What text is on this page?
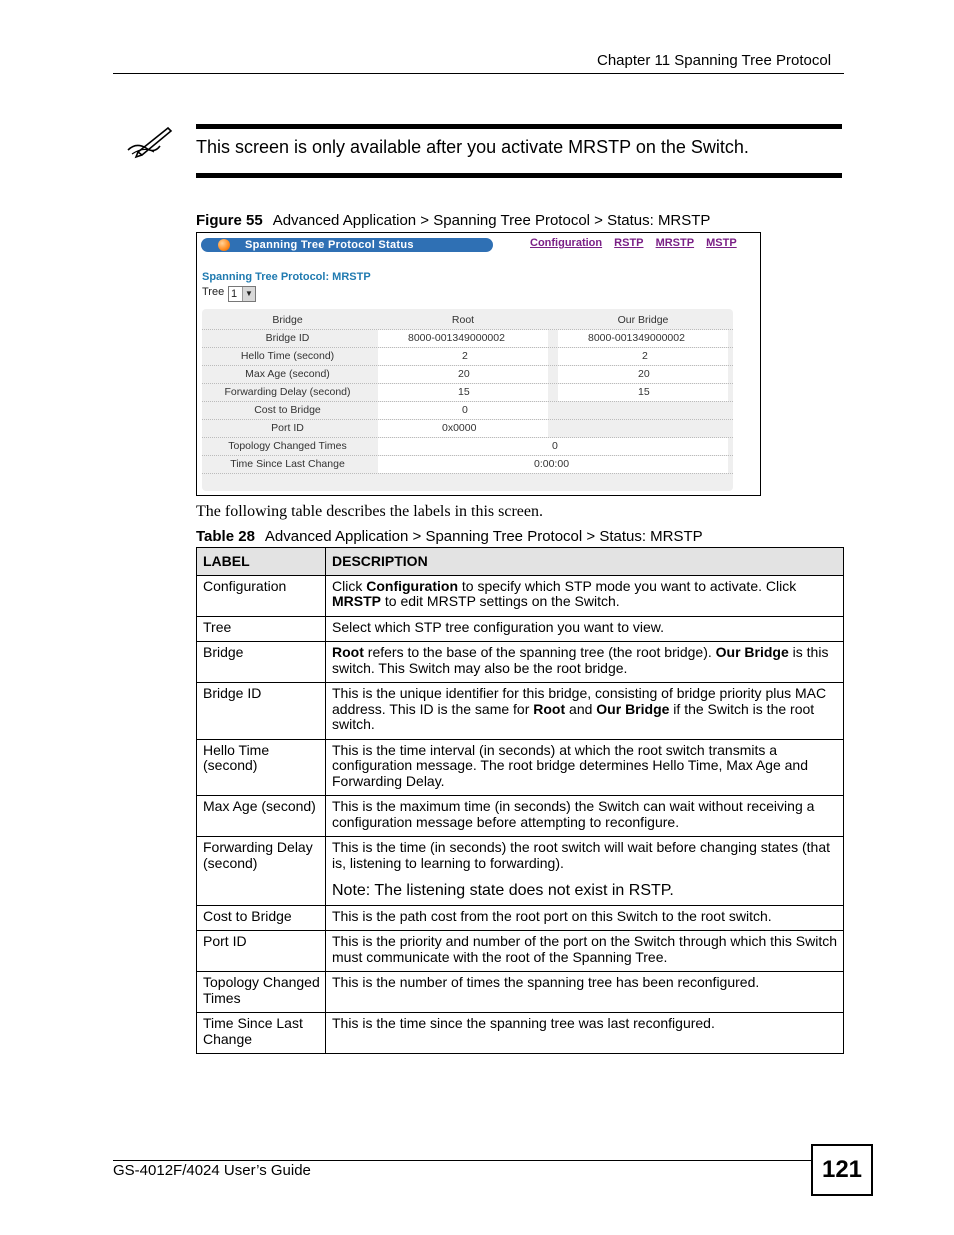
Chapter 11 Spanning Tree Protocol
This screen is only available after you activate MRSTP on the Switch.
Figure 55 Advanced Application > Spanning Tree Protocol > Status: MRSTP
Spanning Tree Protocol Status	Configuration RSTP MRSTP MSTP
Spanning Tree Protocol: MRSTP
Tree 1 ▼
Bridge	Root	Our Bridge
Bridge ID	8000-001349000002	8000-001349000002
Hello Time (second)	2	2
Max Age (second)	20	20
Forwarding Delay (second)	15	15
Cost to Bridge	0
Port ID	0x0000
Topology Changed Times	0
Time Since Last Change	0:00:00
The following table describes the labels in this screen.
Table 28 Advanced Application > Spanning Tree Protocol > Status: MRSTP
LABEL	DESCRIPTION
Configuration	Click Configuration to specify which STP mode you want to activate. Click MRSTP to edit MRSTP settings on the Switch.
Tree	Select which STP tree configuration you want to view.
Bridge	Root refers to the base of the spanning tree (the root bridge). Our Bridge is this switch. This Switch may also be the root bridge.
Bridge ID	This is the unique identifier for this bridge, consisting of bridge priority plus MAC address. This ID is the same for Root and Our Bridge if the Switch is the root switch.
Hello Time (second)	This is the time interval (in seconds) at which the root switch transmits a configuration message. The root bridge determines Hello Time, Max Age and Forwarding Delay.
Max Age (second)	This is the maximum time (in seconds) the Switch can wait without receiving a configuration message before attempting to reconfigure.
Forwarding Delay (second)	This is the time (in seconds) the root switch will wait before changing states (that is, listening to learning to forwarding).
Note: The listening state does not exist in RSTP.

Cost to Bridge	This is the path cost from the root port on this Switch to the root switch.
Port ID	This is the priority and number of the port on the Switch through which this Switch must communicate with the root of the Spanning Tree.
Topology Changed Times	This is the number of times the spanning tree has been reconfigured.
Time Since Last Change	This is the time since the spanning tree was last reconfigured.
GS-4012F/4024 User’s Guide	121
